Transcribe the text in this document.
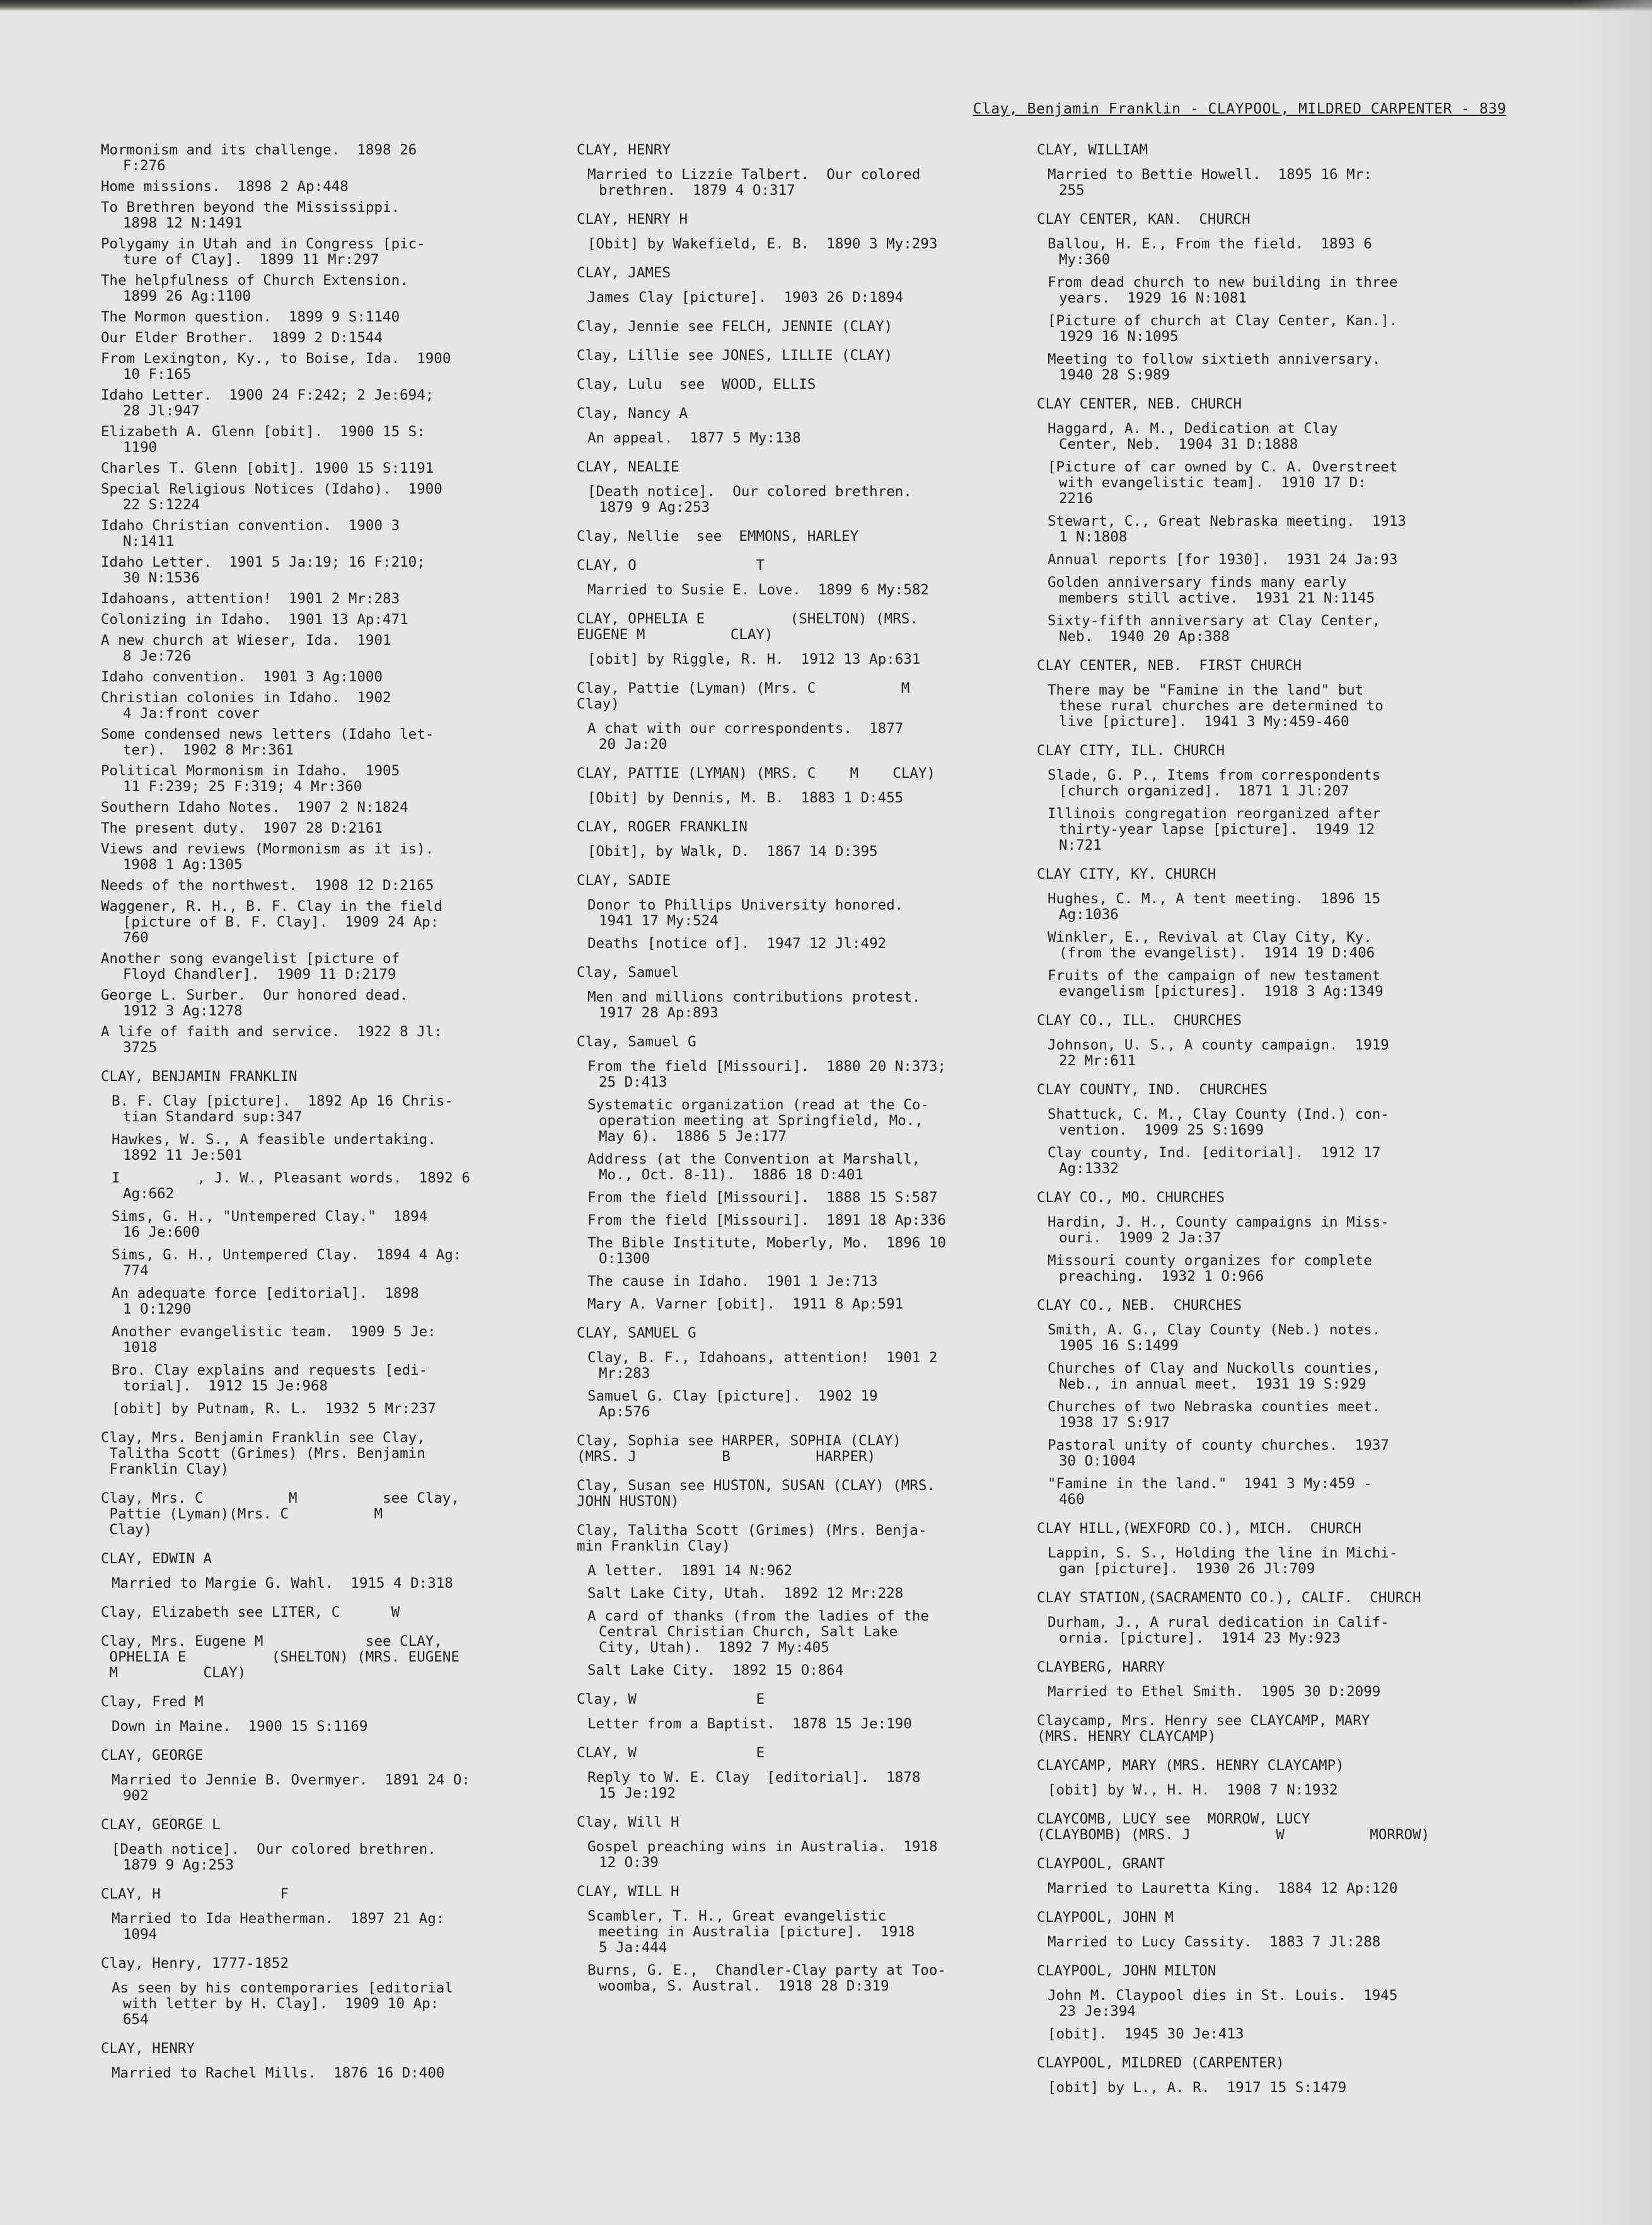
Clay, Benjamin Franklin - CLAYPOOL, MILDRED CARPENTER - 839
Mormonism and its challenge.  1898 26
F:276
Home missions.  1898 2 Ap:448
To Brethren beyond the Mississippi.
1898 12 N:1491
Polygamy in Utah and in Congress [pic-
ture of Clay].  1899 11 Mr:297
The helpfulness of Church Extension.
1899 26 Ag:1100
The Mormon question.  1899 9 S:1140
Our Elder Brother.  1899 2 D:1544
From Lexington, Ky., to Boise, Ida.  1900
10 F:165
Idaho Letter.  1900 24 F:242; 2 Je:694;
28 Jl:947
Elizabeth A. Glenn [obit].  1900 15 S:
1190
Charles T. Glenn [obit]. 1900 15 S:1191
Special Religious Notices (Idaho).  1900
22 S:1224
Idaho Christian convention.  1900 3
N:1411
Idaho Letter.  1901 5 Ja:19; 16 F:210;
30 N:1536
Idahoans, attention!  1901 2 Mr:283
Colonizing in Idaho.  1901 13 Ap:471
A new church at Wieser, Ida.  1901
8 Je:726
Idaho convention.  1901 3 Ag:1000
Christian colonies in Idaho.  1902
4 Ja:front cover
Some condensed news letters (Idaho let-
ter).  1902 8 Mr:361
Political Mormonism in Idaho.  1905
11 F:239; 25 F:319; 4 Mr:360
Southern Idaho Notes.  1907 2 N:1824
The present duty.  1907 28 D:2161
Views and reviews (Mormonism as it is).
1908 1 Ag:1305
Needs of the northwest.  1908 12 D:2165
Waggener, R. H., B. F. Clay in the field
[picture of B. F. Clay].  1909 24 Ap:
760
Another song evangelist [picture of
Floyd Chandler].  1909 11 D:2179
George L. Surber.  Our honored dead.
1912 3 Ag:1278
A life of faith and service.  1922 8 Jl:
3725
CLAY, BENJAMIN FRANKLIN
B. F. Clay [picture].  1892 Ap 16 Chris-
tian Standard sup:347
Hawkes, W. S., A feasible undertaking.
1892 11 Je:501
I         , J. W., Pleasant words.  1892 6
Ag:662
Sims, G. H., "Untempered Clay."  1894
16 Je:600
Sims, G. H., Untempered Clay.  1894 4 Ag:
774
An adequate force [editorial].  1898
1 O:1290
Another evangelistic team.  1909 5 Je:
1018
Bro. Clay explains and requests [edi-
torial].  1912 15 Je:968
[obit] by Putnam, R. L.  1932 5 Mr:237
Clay, Mrs. Benjamin Franklin see Clay,
Talitha Scott (Grimes) (Mrs. Benjamin
Franklin Clay)
Clay, Mrs. C          M          see Clay,
Pattie (Lyman)(Mrs. C          M
Clay)
CLAY, EDWIN A
Married to Margie G. Wahl.  1915 4 D:318
Clay, Elizabeth see LITER, C      W
Clay, Mrs. Eugene M            see CLAY,
OPHELIA E          (SHELTON) (MRS. EUGENE
M          CLAY)
Clay, Fred M
Down in Maine.  1900 15 S:1169
CLAY, GEORGE
Married to Jennie B. Overmyer.  1891 24 O:
902
CLAY, GEORGE L
[Death notice].  Our colored brethren.
1879 9 Ag:253
CLAY, H              F
Married to Ida Heatherman.  1897 21 Ag:
1094
Clay, Henry, 1777-1852
As seen by his contemporaries [editorial
with letter by H. Clay].  1909 10 Ap:
654
CLAY, HENRY
Married to Rachel Mills.  1876 16 D:400
CLAY, HENRY
Married to Lizzie Talbert.  Our colored
brethren.  1879 4 O:317
CLAY, HENRY H
[Obit] by Wakefield, E. B.  1890 3 My:293
CLAY, JAMES
James Clay [picture].  1903 26 D:1894
Clay, Jennie see FELCH, JENNIE (CLAY)
Clay, Lillie see JONES, LILLIE (CLAY)
Clay, Lulu  see  WOOD, ELLIS
Clay, Nancy A
An appeal.  1877 5 My:138
CLAY, NEALIE
[Death notice].  Our colored brethren.
1879 9 Ag:253
Clay, Nellie  see  EMMONS, HARLEY
CLAY, O              T
Married to Susie E. Love.  1899 6 My:582
CLAY, OPHELIA E          (SHELTON) (MRS.
EUGENE M          CLAY)
[obit] by Riggle, R. H.  1912 13 Ap:631
Clay, Pattie (Lyman) (Mrs. C          M
Clay)
A chat with our correspondents.  1877
20 Ja:20
CLAY, PATTIE (LYMAN) (MRS. C    M    CLAY)
[Obit] by Dennis, M. B.  1883 1 D:455
CLAY, ROGER FRANKLIN
[Obit], by Walk, D.  1867 14 D:395
CLAY, SADIE
Donor to Phillips University honored.
1941 17 My:524
Deaths [notice of].  1947 12 Jl:492
Clay, Samuel
Men and millions contributions protest.
1917 28 Ap:893
Clay, Samuel G
From the field [Missouri].  1880 20 N:373;
25 D:413
Systematic organization (read at the Co-
operation meeting at Springfield, Mo.,
May 6).  1886 5 Je:177
Address (at the Convention at Marshall,
Mo., Oct. 8-11).  1886 18 D:401
From the field [Missouri].  1888 15 S:587
From the field [Missouri].  1891 18 Ap:336
The Bible Institute, Moberly, Mo.  1896 10
O:1300
The cause in Idaho.  1901 1 Je:713
Mary A. Varner [obit].  1911 8 Ap:591
CLAY, SAMUEL G
Clay, B. F., Idahoans, attention!  1901 2
Mr:283
Samuel G. Clay [picture].  1902 19
Ap:576
Clay, Sophia see HARPER, SOPHIA (CLAY)
(MRS. J          B          HARPER)
Clay, Susan see HUSTON, SUSAN (CLAY) (MRS.
JOHN HUSTON)
Clay, Talitha Scott (Grimes) (Mrs. Benja-
min Franklin Clay)
A letter.  1891 14 N:962
Salt Lake City, Utah.  1892 12 Mr:228
A card of thanks (from the ladies of the
Central Christian Church, Salt Lake
City, Utah).  1892 7 My:405
Salt Lake City.  1892 15 O:864
Clay, W              E
Letter from a Baptist.  1878 15 Je:190
CLAY, W              E
Reply to W. E. Clay  [editorial].  1878
15 Je:192
Clay, Will H
Gospel preaching wins in Australia.  1918
12 O:39
CLAY, WILL H
Scambler, T. H., Great evangelistic
meeting in Australia [picture].  1918
5 Ja:444
Burns, G. E.,  Chandler-Clay party at Too-
woomba, S. Austral.  1918 28 D:319
CLAY, WILLIAM
Married to Bettie Howell.  1895 16 Mr:
255
CLAY CENTER, KAN.  CHURCH
Ballou, H. E., From the field.  1893 6
My:360
From dead church to new building in three
years.  1929 16 N:1081
[Picture of church at Clay Center, Kan.].
1929 16 N:1095
Meeting to follow sixtieth anniversary.
1940 28 S:989
CLAY CENTER, NEB. CHURCH
Haggard, A. M., Dedication at Clay
Center, Neb.  1904 31 D:1888
[Picture of car owned by C. A. Overstreet
with evangelistic team].  1910 17 D:
2216
Stewart, C., Great Nebraska meeting.  1913
1 N:1808
Annual reports [for 1930].  1931 24 Ja:93
Golden anniversary finds many early
members still active.  1931 21 N:1145
Sixty-fifth anniversary at Clay Center,
Neb.  1940 20 Ap:388
CLAY CENTER, NEB.  FIRST CHURCH
There may be "Famine in the land" but
these rural churches are determined to
live [picture].  1941 3 My:459-460
CLAY CITY, ILL. CHURCH
Slade, G. P., Items from correspondents
[church organized].  1871 1 Jl:207
Illinois congregation reorganized after
thirty-year lapse [picture].  1949 12
N:721
CLAY CITY, KY. CHURCH
Hughes, C. M., A tent meeting.  1896 15
Ag:1036
Winkler, E., Revival at Clay City, Ky.
(from the evangelist).  1914 19 D:406
Fruits of the campaign of new testament
evangelism [pictures].  1918 3 Ag:1349
CLAY CO., ILL.  CHURCHES
Johnson, U. S., A county campaign.  1919
22 Mr:611
CLAY COUNTY, IND.  CHURCHES
Shattuck, C. M., Clay County (Ind.) con-
vention.  1909 25 S:1699
Clay county, Ind. [editorial].  1912 17
Ag:1332
CLAY CO., MO. CHURCHES
Hardin, J. H., County campaigns in Miss-
ouri.  1909 2 Ja:37
Missouri county organizes for complete
preaching.  1932 1 O:966
CLAY CO., NEB.  CHURCHES
Smith, A. G., Clay County (Neb.) notes.
1905 16 S:1499
Churches of Clay and Nuckolls counties,
Neb., in annual meet.  1931 19 S:929
Churches of two Nebraska counties meet.
1938 17 S:917
Pastoral unity of county churches.  1937
30 O:1004
"Famine in the land."  1941 3 My:459 -
460
CLAY HILL,(WEXFORD CO.), MICH.  CHURCH
Lappin, S. S., Holding the line in Michi-
gan [picture].  1930 26 Jl:709
CLAY STATION,(SACRAMENTO CO.), CALIF.  CHURCH
Durham, J., A rural dedication in Calif-
ornia. [picture].  1914 23 My:923
CLAYBERG, HARRY
Married to Ethel Smith.  1905 30 D:2099
Claycamp, Mrs. Henry see CLAYCAMP, MARY
(MRS. HENRY CLAYCAMP)
CLAYCAMP, MARY (MRS. HENRY CLAYCAMP)
[obit] by W., H. H.  1908 7 N:1932
CLAYCOMB, LUCY see  MORROW, LUCY
(CLAYBOMB) (MRS. J          W          MORROW)
CLAYPOOL, GRANT
Married to Lauretta King.  1884 12 Ap:120
CLAYPOOL, JOHN M
Married to Lucy Cassity.  1883 7 Jl:288
CLAYPOOL, JOHN MILTON
John M. Claypool dies in St. Louis.  1945
23 Je:394
[obit].  1945 30 Je:413
CLAYPOOL, MILDRED (CARPENTER)
[obit] by L., A. R.  1917 15 S:1479
